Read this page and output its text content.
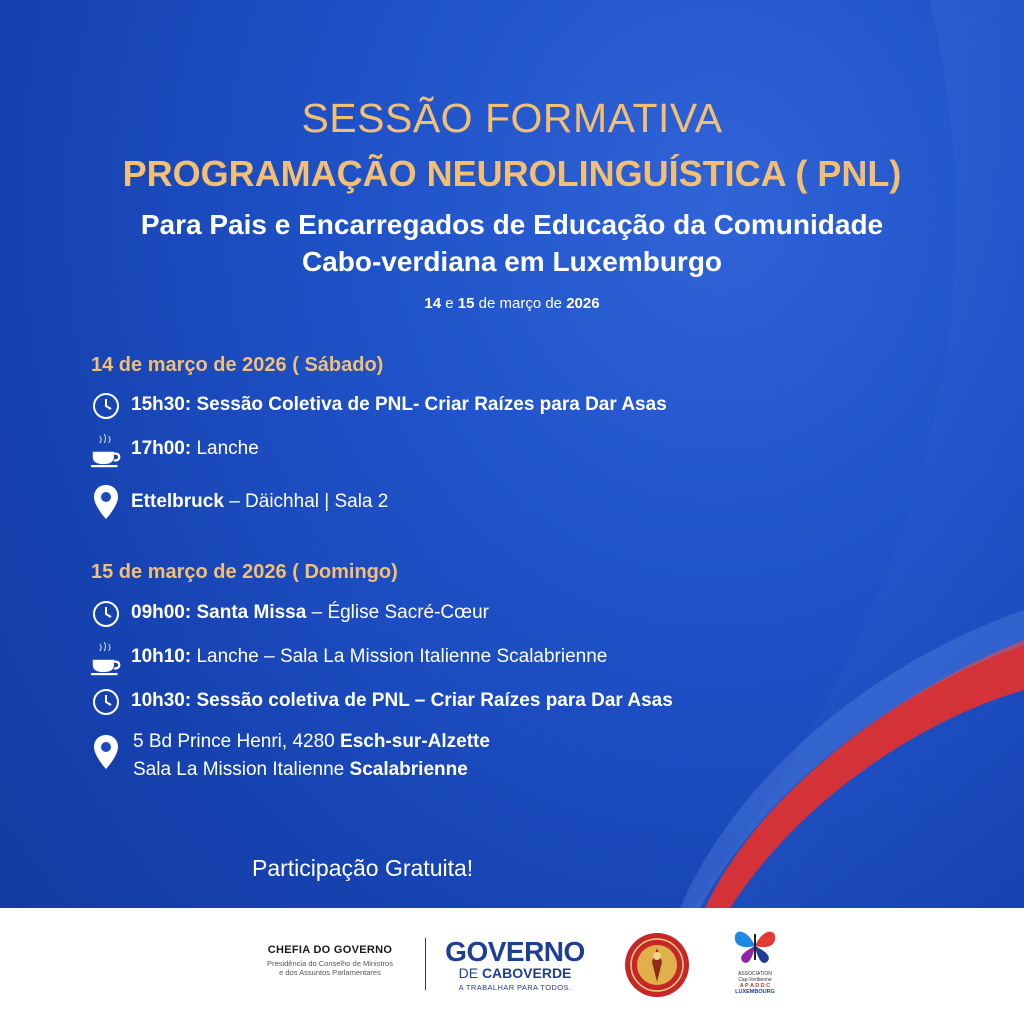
SESSÃO FORMATIVA
PROGRAMAÇÃO NEUROLINGUÍSTICA ( PNL)
Para Pais e Encarregados de Educação da Comunidade
Cabo-verdiana em Luxemburgo
14 e 15 de março de 2026
14 de março de 2026 ( Sábado)
15h30: Sessão Coletiva de PNL- Criar Raízes para Dar Asas
17h00:
Lanche
Ettelbruck
– Däichhal | Sala 2
15 de março de 2026 ( Domingo)
09h00: Santa Missa
– Église Sacré-Cœur
10h10:
Lanche – Sala La Mission Italienne Scalabrienne
10h30: Sessão coletiva de PNL – Criar Raízes para Dar Asas
5 Bd Prince Henri, 4280 Esch-sur-Alzette
Sala La Mission Italienne Scalabrienne
Participação Gratuita!
CHEFIA DO GOVERNO
Presidência do Conselho de Ministros
e dos Assuntos Parlamentares
GOVERNO
DE CABOVERDE
A TRABALHAR PARA TODOS.
ASSOCIATION
Cap-Verdienne
A P A D D C
LUXEMBOURG
